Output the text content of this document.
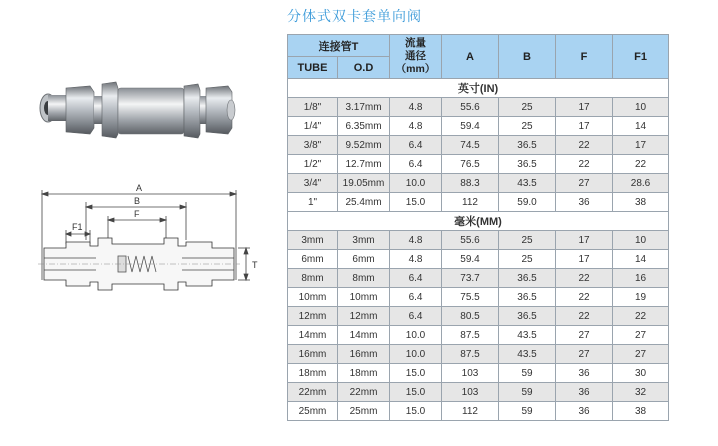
分体式双卡套单向阀
A
B
F
F1
T
连接管T		流量
通径
（mm）	A	B	F	F1
TUBE	O.D					
英寸(IN)						
1/8"	3.17mm	4.8	55.6	25	17	10
1/4"	6.35mm	4.8	59.4	25	17	14
3/8"	9.52mm	6.4	74.5	36.5	22	17
1/2"	12.7mm	6.4	76.5	36.5	22	22
3/4"	19.05mm	10.0	88.3	43.5	27	28.6
1"	25.4mm	15.0	112	59.0	36	38
毫米(MM)						
3mm	3mm	4.8	55.6	25	17	10
6mm	6mm	4.8	59.4	25	17	14
8mm	8mm	6.4	73.7	36.5	22	16
10mm	10mm	6.4	75.5	36.5	22	19
12mm	12mm	6.4	80.5	36.5	22	22
14mm	14mm	10.0	87.5	43.5	27	27
16mm	16mm	10.0	87.5	43.5	27	27
18mm	18mm	15.0	103	59	36	30
22mm	22mm	15.0	103	59	36	32
25mm	25mm	15.0	112	59	36	38
